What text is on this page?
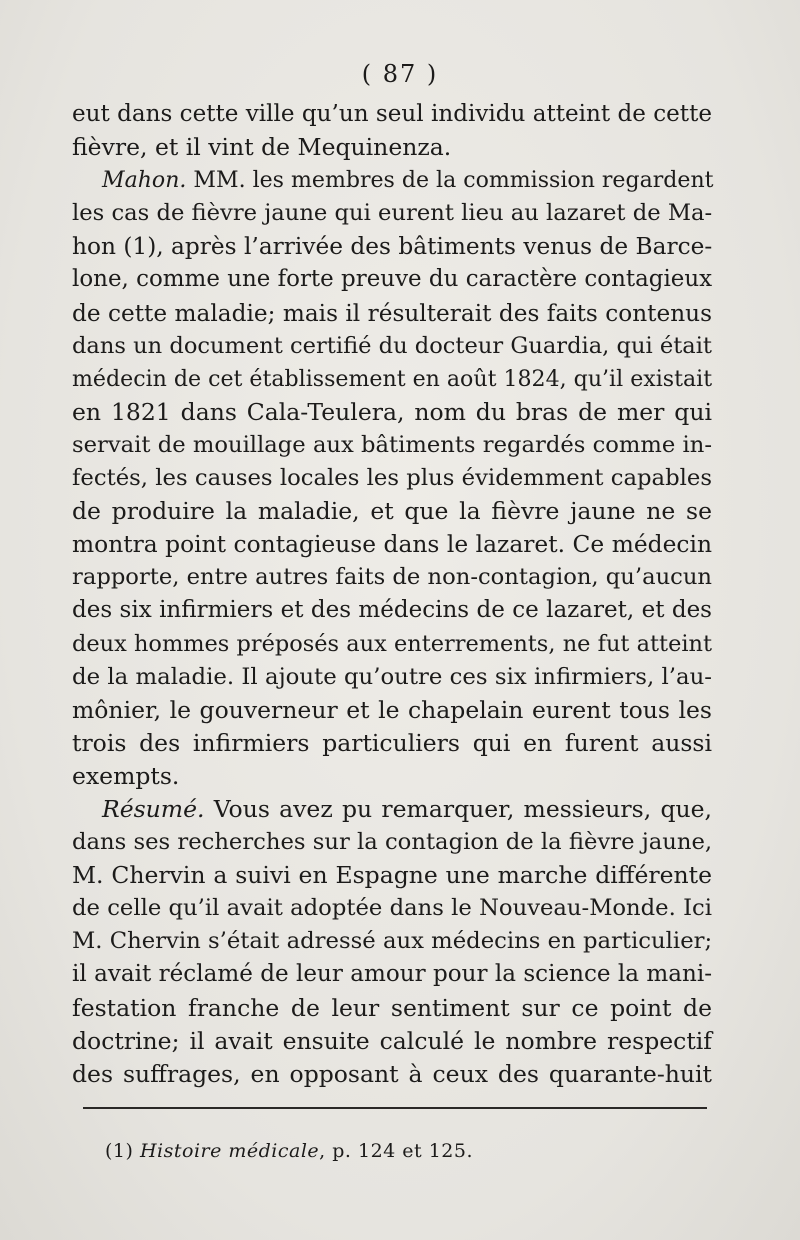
( 87 )

eut dans cette ville qu’un seul individu atteint de cette
fièvre, et il vint de Mequinenza.

Mahon. MM. les membres de la commission regardent
les cas de fièvre jaune qui eurent lieu au lazaret de Ma-
hon (1), après l’arrivée des bâtiments venus de Barce-
lone, comme une forte preuve du caractère contagieux
de cette maladie; mais il résulterait des faits contenus
dans un document certifié du docteur Guardia, qui était
médecin de cet établissement en août 1824, qu’il existait
en 1821 dans Cala-Teulera, nom du bras de mer qui
servait de mouillage aux bâtiments regardés comme in-
fectés, les causes locales les plus évidemment capables
de produire la maladie, et que la fièvre jaune ne se
montra point contagieuse dans le lazaret. Ce médecin
rapporte, entre autres faits de non-contagion, qu’aucun
des six infirmiers et des médecins de ce lazaret, et des
deux hommes préposés aux enterrements, ne fut atteint
de la maladie. Il ajoute qu’outre ces six infirmiers, l’au-
mônier, le gouverneur et le chapelain eurent tous les
trois des infirmiers particuliers qui en furent aussi
exempts.

Résumé. Vous avez pu remarquer, messieurs, que,
dans ses recherches sur la contagion de la fièvre jaune,
M. Chervin a suivi en Espagne une marche différente
de celle qu’il avait adoptée dans le Nouveau-Monde. Ici
M. Chervin s’était adressé aux médecins en particulier;
il avait réclamé de leur amour pour la science la mani-
festation franche de leur sentiment sur ce point de
doctrine; il avait ensuite calculé le nombre respectif
des suffrages, en opposant à ceux des quarante-huit

(1) Histoire médicale, p. 124 et 125.
